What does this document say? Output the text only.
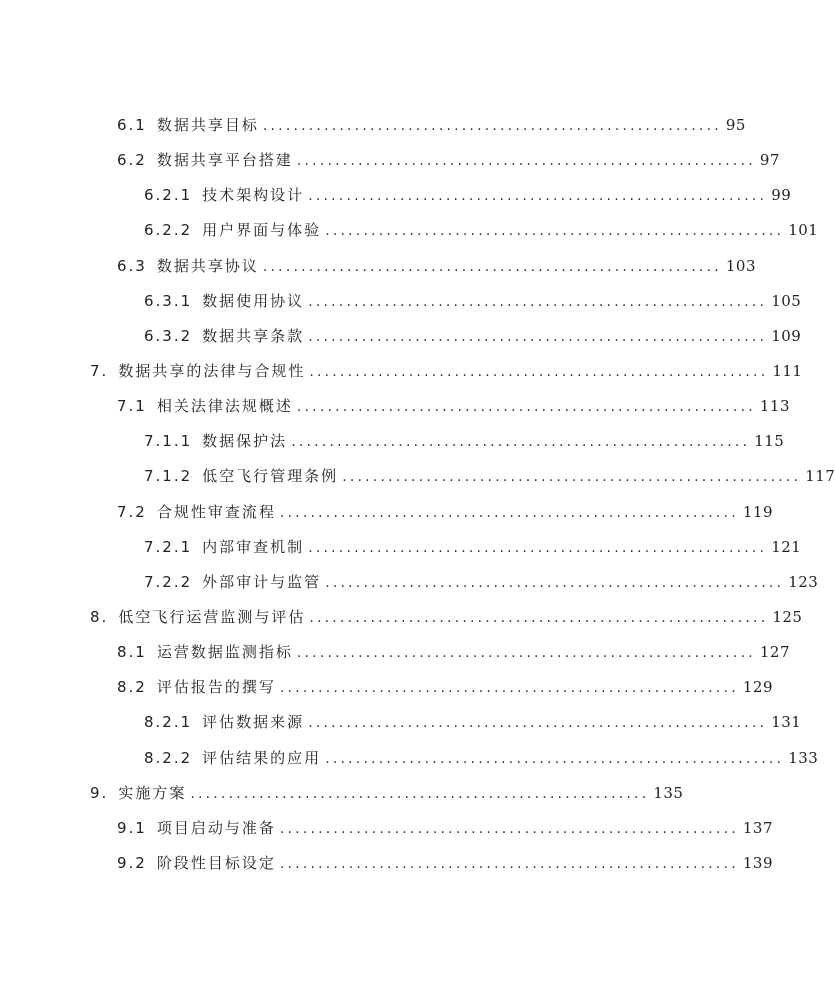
6.1 数据共享目标 ............................................................ 95
6.2 数据共享平台搭建 ............................................................ 97
6.2.1 技术架构设计 ............................................................ 99
6.2.2 用户界面与体验 ............................................................ 101
6.3 数据共享协议 ............................................................ 103
6.3.1 数据使用协议 ............................................................ 105
6.3.2 数据共享条款 ............................................................ 109
7. 数据共享的法律与合规性 ............................................................ 111
7.1 相关法律法规概述 ............................................................ 113
7.1.1 数据保护法 ............................................................ 115
7.1.2 低空飞行管理条例 ............................................................ 117
7.2 合规性审查流程 ............................................................ 119
7.2.1 内部审查机制 ............................................................ 121
7.2.2 外部审计与监管 ............................................................ 123
8. 低空飞行运营监测与评估 ............................................................ 125
8.1 运营数据监测指标 ............................................................ 127
8.2 评估报告的撰写 ............................................................ 129
8.2.1 评估数据来源 ............................................................ 131
8.2.2 评估结果的应用 ............................................................ 133
9. 实施方案 ............................................................ 135
9.1 项目启动与准备 ............................................................ 137
9.2 阶段性目标设定 ............................................................ 139
